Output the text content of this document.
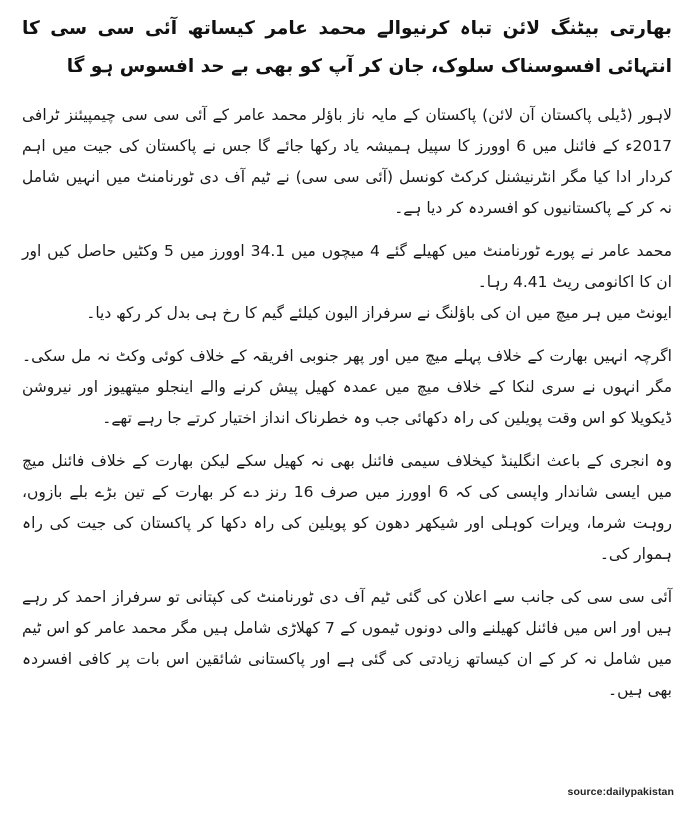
بھارتی بیٹنگ لائن تباہ کرنیوالے محمد عامر کیساتھ آئی سی سی کا انتہائی افسوسناک سلوک، جان کر آپ کو بھی بے حد افسوس ہو گا

لاہور (ڈیلی پاکستان آن لائن) پاکستان کے مایہ ناز باﺅلر محمد عامر کے آئی سی سی چیمپیئنز ٹرافی 2017ء کے فائنل میں 6 اوورز کا سپیل ہمیشہ یاد رکھا جائے گا جس نے پاکستان کی جیت میں اہم کردار ادا کیا مگر انٹرنیشنل کرکٹ کونسل (آئی سی سی) نے ٹیم آف دی ٹورنامنٹ میں انہیں شامل نہ کر کے پاکستانیوں کو افسردہ کر دیا ہے۔

محمد عامر نے پورے ٹورنامنٹ میں کھیلے گئے 4 میچوں میں 34.1 اوورز میں 5 وکٹیں حاصل کیں اور ان کا اکانومی ریٹ 4.41 رہا۔

ایونٹ میں ہر میچ میں ان کی باﺅلنگ نے سرفراز الیون کیلئے گیم کا رخ ہی بدل کر رکھ دیا۔

اگرچہ انہیں بھارت کے خلاف پہلے میچ میں اور پھر جنوبی افریقہ کے خلاف کوئی وکٹ نہ مل سکی۔ مگر انہوں نے سری لنکا کے خلاف میچ میں عمدہ کھیل پیش کرنے والے اینجلو میتھیوز اور نیروشن ڈیکویلا کو اس وقت پویلین کی راہ دکھائی جب وہ خطرناک انداز اختیار کرتے جا رہے تھے۔

وہ انجری کے باعث انگلینڈ کیخلاف سیمی فائنل بھی نہ کھیل سکے لیکن بھارت کے خلاف فائنل میچ میں ایسی شاندار واپسی کی کہ 6 اوورز میں صرف 16 رنز دے کر بھارت کے تین بڑے بلے بازوں، روہت شرما، ویرات کوہلی اور شیکھر دھون کو پویلین کی راہ دکھا کر پاکستان کی جیت کی راہ ہموار کی۔

آئی سی سی کی جانب سے اعلان کی گئی ٹیم آف دی ٹورنامنٹ کی کپتانی تو سرفراز احمد کر رہے ہیں اور اس میں فائنل کھیلنے والی دونوں ٹیموں کے 7 کھلاڑی شامل ہیں مگر محمد عامر کو اس ٹیم میں شامل نہ کر کے ان کیساتھ زیادتی کی گئی ہے اور پاکستانی شائقین اس بات پر کافی افسردہ بھی ہیں۔

source:dailypakistan
